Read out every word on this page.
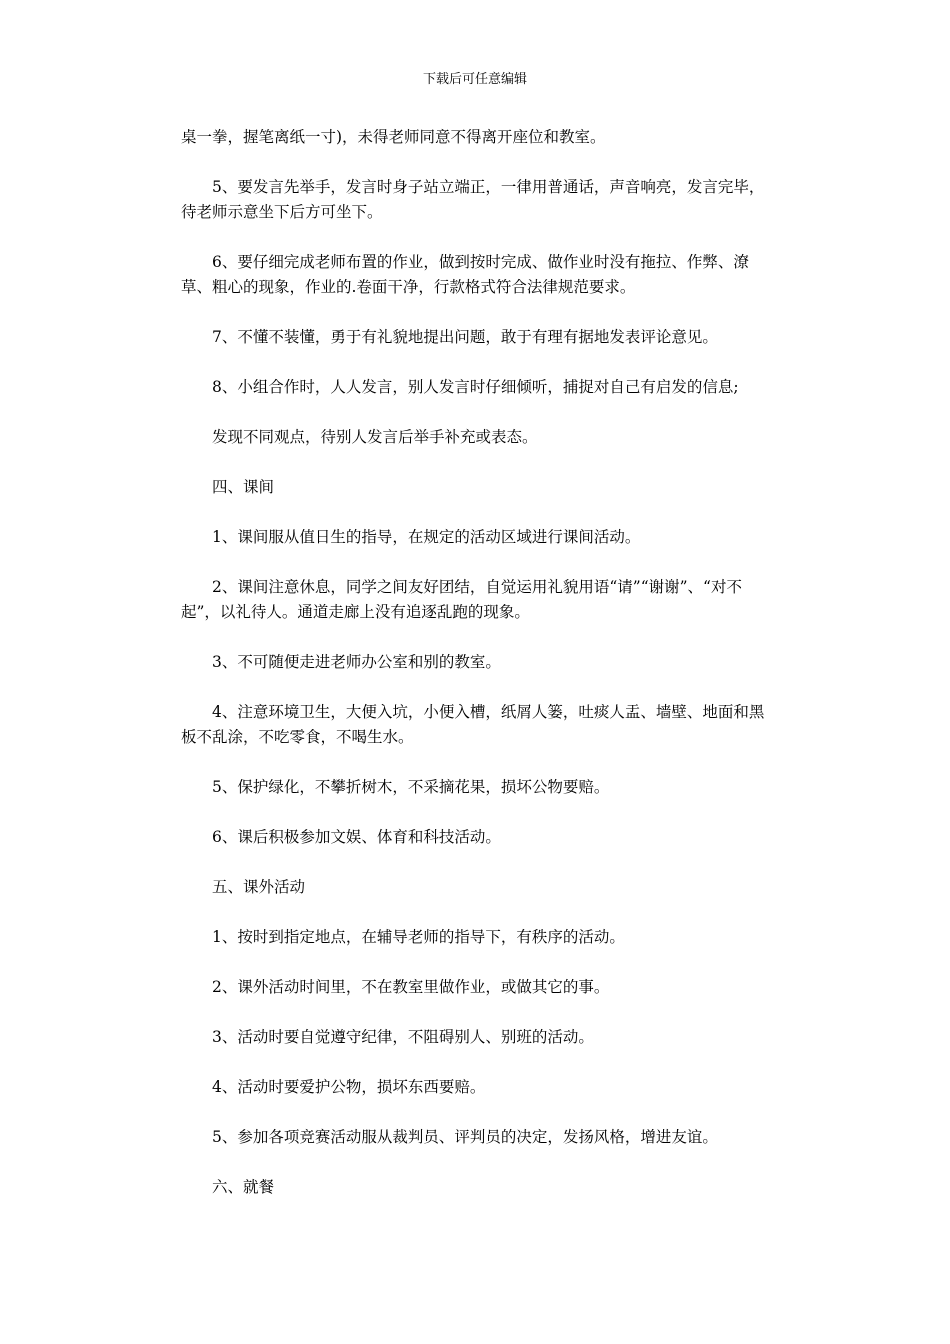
下载后可任意编辑

桌一拳，握笔离纸一寸)，未得老师同意不得离开座位和教室。

5、要发言先举手，发言时身子站立端正，一律用普通话，声音响亮，发言完毕，待老师示意坐下后方可坐下。

6、要仔细完成老师布置的作业，做到按时完成、做作业时没有拖拉、作弊、潦草、粗心的现象，作业的.卷面干净，行款格式符合法律规范要求。

7、不懂不装懂，勇于有礼貌地提出问题，敢于有理有据地发表评论意见。

8、小组合作时，人人发言，别人发言时仔细倾听，捕捉对自己有启发的信息;

发现不同观点，待别人发言后举手补充或表态。

四、课间

1、课间服从值日生的指导，在规定的活动区域进行课间活动。

2、课间注意休息，同学之间友好团结，自觉运用礼貌用语“请”“谢谢”、“对不起”，以礼待人。通道走廊上没有追逐乱跑的现象。

3、不可随便走进老师办公室和别的教室。

4、注意环境卫生，大便入坑，小便入槽，纸屑人篓，吐痰人盂、墙壁、地面和黑板不乱涂，不吃零食，不喝生水。

5、保护绿化，不攀折树木，不采摘花果，损坏公物要赔。

6、课后积极参加文娱、体育和科技活动。

五、课外活动

1、按时到指定地点，在辅导老师的指导下，有秩序的活动。

2、课外活动时间里，不在教室里做作业，或做其它的事。

3、活动时要自觉遵守纪律，不阻碍别人、别班的活动。

4、活动时要爱护公物，损坏东西要赔。

5、参加各项竞赛活动服从裁判员、评判员的决定，发扬风格，增进友谊。

六、就餐
